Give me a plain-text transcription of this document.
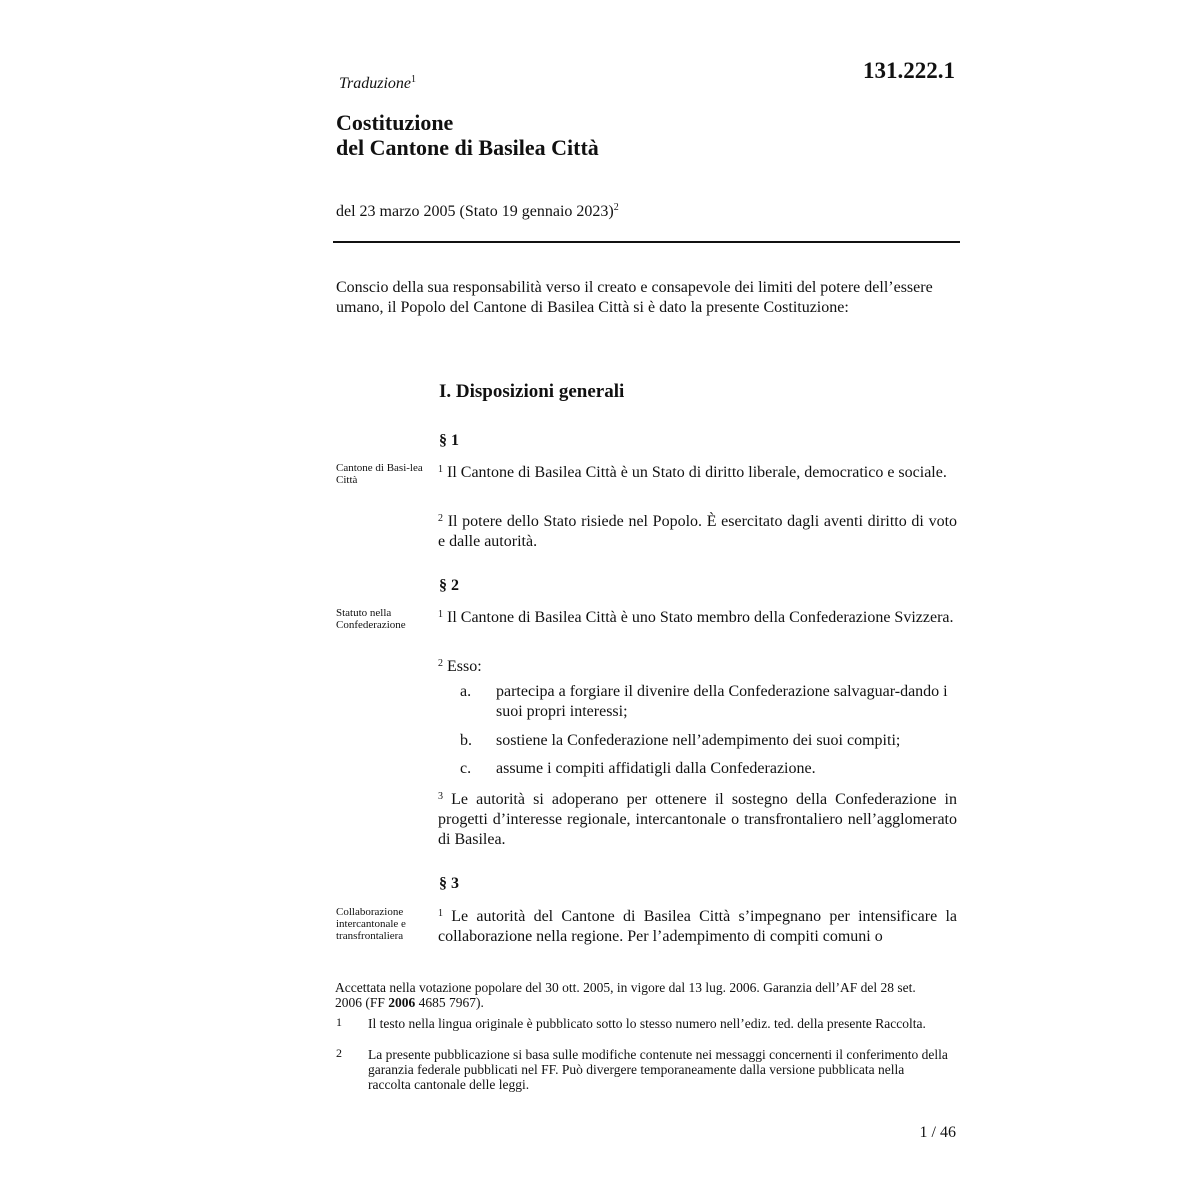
Traduzione$^1$	131.222.1
Costituzione
del Cantone di Basilea Città
del 23 marzo 2005 (Stato 19 gennaio 2023)$^2$
Conscio della sua responsabilità verso il creato e consapevole dei limiti del potere dell’essere umano, il Popolo del Cantone di Basilea Città si è dato la presente Costituzione:
I. Disposizioni generali
§ 1
Cantone di Basi-lea Città
$^1$ Il Cantone di Basilea Città è un Stato di diritto liberale, democratico e sociale.
$^2$ Il potere dello Stato risiede nel Popolo. È esercitato dagli aventi diritto di voto e dalle autorità.
§ 2
Statuto nella Confederazione
$^1$ Il Cantone di Basilea Città è uno Stato membro della Confederazione Svizzera.
$^2$ Esso:
a. partecipa a forgiare il divenire della Confederazione salvaguar-dando i suoi propri interessi;
b. sostiene la Confederazione nell’adempimento dei suoi compiti;
c. assume i compiti affidatigli dalla Confederazione.
$^3$ Le autorità si adoperano per ottenere il sostegno della Confederazione in progetti d’interesse regionale, intercantonale o transfrontaliero nell’agglomerato di Basilea.
§ 3
Collaborazione intercantonale e transfrontaliera
$^1$ Le autorità del Cantone di Basilea Città s’impegnano per intensificare la collaborazione nella regione. Per l’adempimento di compiti comuni o
Accettata nella votazione popolare del 30 ott. 2005, in vigore dal 13 lug. 2006. Garanzia dell’AF del 28 set. 2006 (FF 2006 4685 7967).
1 Il testo nella lingua originale è pubblicato sotto lo stesso numero nell’ediz. ted. della presente Raccolta.
2 La presente pubblicazione si basa sulle modifiche contenute nei messaggi concernenti il conferimento della garanzia federale pubblicati nel FF. Può divergere temporaneamente dalla versione pubblicata nella raccolta cantonale delle leggi.
1 / 46
